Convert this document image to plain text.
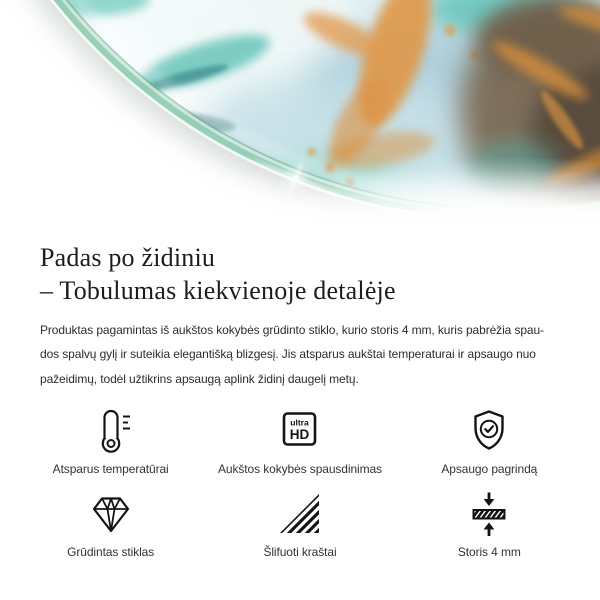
Padas po židiniu
– Tobulumas kiekvienoje detalėje
Produktas pagamintas iš aukštos kokybės grūdinto stiklo, kurio storis 4 mm, kuris pabrėžia spau-
dos spalvų gylį ir suteikia elegantišką blizgesį. Jis atsparus aukštai temperaturai ir apsaugo nuo
pažeidimų, todėl užtikrins apsaugą aplink židinį daugelį metų.
Atsparus temperatūrai
ultra
HD
Aukštos kokybės spausdinimas	Apsaugo pagrindą
Grūdintas stiklas	Šlifuoti kraštai	Storis 4 mm
